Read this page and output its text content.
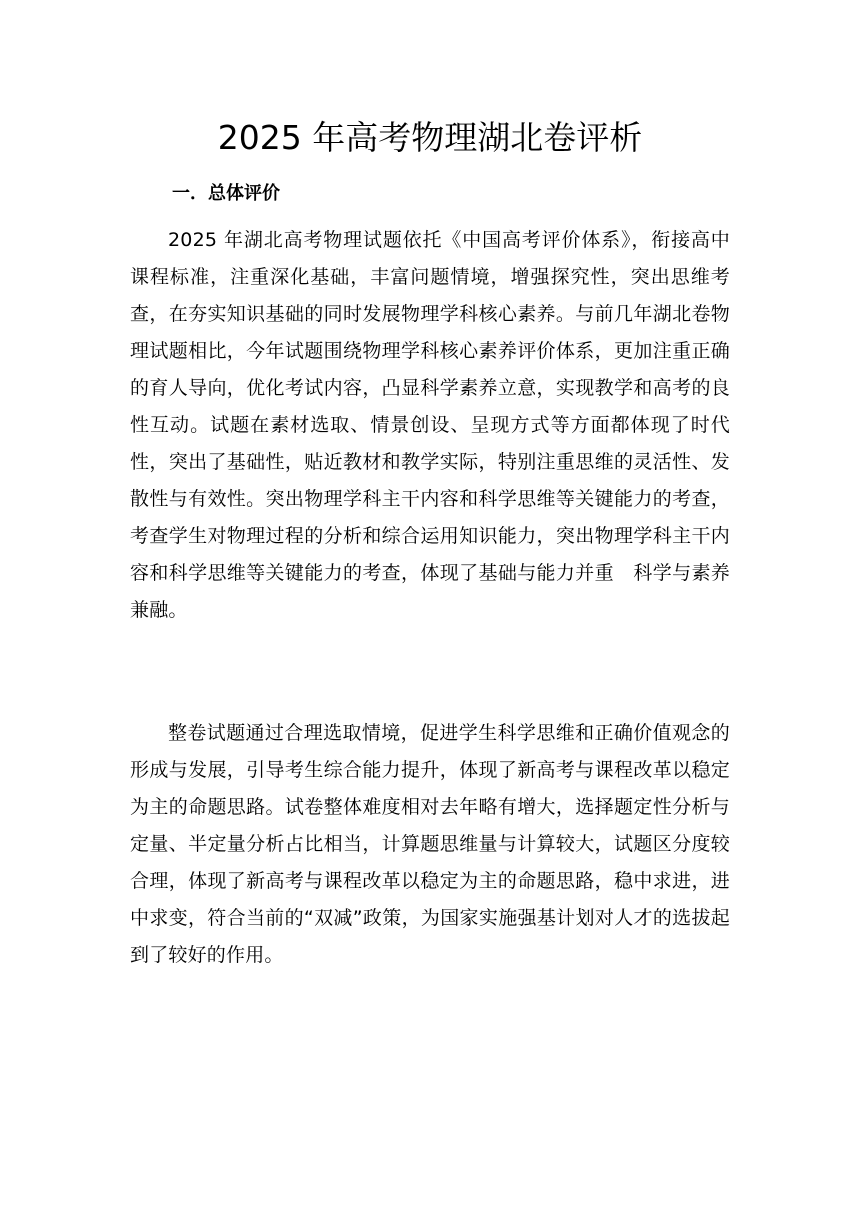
2025 年高考物理湖北卷评析
一．总体评价

2025 年湖北高考物理试题依托《中国高考评价体系》，衔接高中课程标准，注重深化基础，丰富问题情境，增强探究性，突出思维考查，在夯实知识基础的同时发展物理学科核心素养。与前几年湖北卷物理试题相比，今年试题围绕物理学科核心素养评价体系，更加注重正确的育人导向，优化考试内容，凸显科学素养立意，实现教学和高考的良性互动。试题在素材选取、情景创设、呈现方式等方面都体现了时代性，突出了基础性，贴近教材和教学实际，特别注重思维的灵活性、发散性与有效性。突出物理学科主干内容和科学思维等关键能力的考查，考查学生对物理过程的分析和综合运用知识能力，突出物理学科主干内容和科学思维等关键能力的考查，体现了基础与能力并重　科学与素养兼融。

整卷试题通过合理选取情境，促进学生科学思维和正确价值观念的形成与发展，引导考生综合能力提升，体现了新高考与课程改革以稳定为主的命题思路。试卷整体难度相对去年略有增大，选择题定性分析与定量、半定量分析占比相当，计算题思维量与计算较大，试题区分度较合理，体现了新高考与课程改革以稳定为主的命题思路，稳中求进，进中求变，符合当前的“双减”政策，为国家实施强基计划对人才的选拔起到了较好的作用。
